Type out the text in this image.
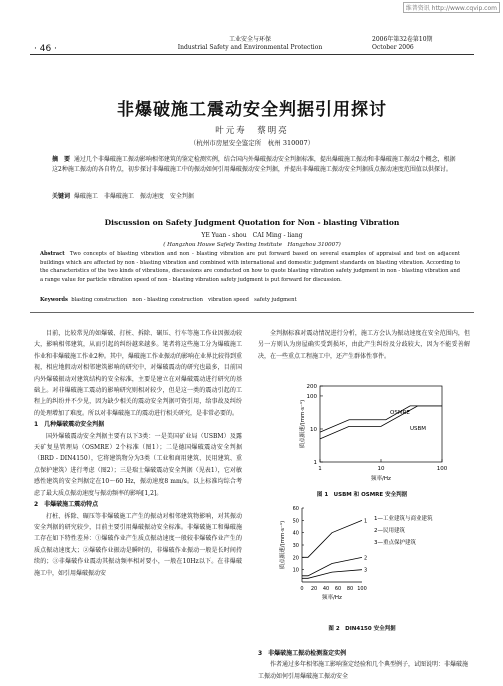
维普资讯 http://www.cqvip.com
· 46 ·
工业安全与环保
Industrial Safety and Environmental Protection
2006年第32卷第10期
October 2006
非爆破施工震动安全判据引用探讨
叶元寿　蔡明亮
（杭州市房屋安全鉴定所　杭州 310007）
摘　要 通过几个非爆破施工振动影响相邻建筑的鉴定检测实例，结合国内外爆破振动安全判据标准，提出爆破施工振动和非爆破施工振动2个概念，根据这2种施工振动的各自特点，初步探讨非爆破施工中的振动如何引用爆破振动安全判据，并提出非爆破施工振动安全判据质点振动速度范围值以供探讨。
关键词 爆破施工　非爆破施工　振动速度　安全判据
Discussion on Safety Judgment Quotation for Non - blasting Vibration
YE Yuan - shou　CAI Ming - liang
( Hangzhou House Safety Testing Institute　Hangzhou 310007)
Abstract Two concepts of blasting vibration and non - blasting vibration are put forward based on several examples of appraisal and test on adjacent buildings which are affected by non - blasting vibration and combined with international and domestic judgment standards on blasting vibration. According to the characteristics of the two kinds of vibrations, discussions are conducted on how to quote blasting vibration safety judgment in non - blasting vibration and a range value for particle vibration speed of non - blasting vibration safety judgment is put forward for discussion.
Keywords blasting construction　non - blasting construction　vibration speed　safety judgment

目前，比较常见的如爆破、打桩、拆除、碾压、行车等施工作业因振动较大，影响相邻建筑，从而引起的纠纷越来越多。笔者将这些施工分为爆破施工作业和非爆破施工作业2种。其中，爆破施工作业振动的影响在业界比较得到重视，相应地假动对相邻建筑影响的研究中，对爆破震动的研究也最多，目前国内外爆破振动对建筑结构的安全标准，主要是建立在对爆破震动进行研究的基础上。对非爆破施工震动的影响研究则相对较少，但是这一类的震动引起的工程上的纠纷并不少见，因为缺少相关的震动安全判据可资引用，给事故及纠纷的处理增加了难度。所以对非爆破施工的震动进行相关研究，是非常必要的。

1　几种爆破震动安全判据

国外爆破震动安全判据主要有以下3类：一是美国矿业局（USBM）及露天矿复垦管理局（OSMRE）2个标准（图1）；二是德国爆破震动安全判据（BRD - DIN4150），它将建筑物分为3类（工业和商用建筑、民用建筑、重点保护建筑）进行考虑（图2）；三是瑞士爆破震动安全判据（见表1），它对敏感性建筑的安全判据定在10～60 Hz，振动速度8 mm/s。以上标准均综合考虑了最大质点振动速度与振动频率的影响[1,2]。

2　非爆破施工震动特点

打桩、拆除、碾压等非爆破施工产生的振动对相邻建筑物影响，对其振动安全判据的研究较少，目前主要引用爆破振动安全标准。非爆破施工和爆破施工存在如下特性差异：①爆破作业产生质点振动速度一般较非爆破作业产生的质点振动速度大；②爆破作业振动是瞬时的，非爆破作业振动一般是长时间持续的；③非爆破作业震动其振动频率相对要小，一般在10Hz以下。在非爆破施工中，如引用爆破振动安

全判据标准对震动情况进行分析，施工方会认为振动速度在安全范围内，但另一方则认为房屋确实受到损坏，由此产生纠纷及分歧较大，因为不能妥善解决，在一些重点工程施工中，还产生群体性事件。

1	10	100
1
10
100
200
OSMRE
USBM
频率/Hz
质点振速/(mm·s⁻¹)
图 1　USBM 和 OSMRE 安全判据
0 20 40 60 80 100
10
20
30
40
50
60
1
2
3
1—工业建筑与商业建筑
2—民用建筑
3—重点保护建筑
频率/Hz
质点振速/(mm·s⁻¹)
图 2　DIN4150 安全判据
3　非爆破施工振动检测鉴定实例

作者通过多年相邻施工影响鉴定经验和几个典型例子，试图说明：非爆破施工振动如何引用爆破施工振动安全
